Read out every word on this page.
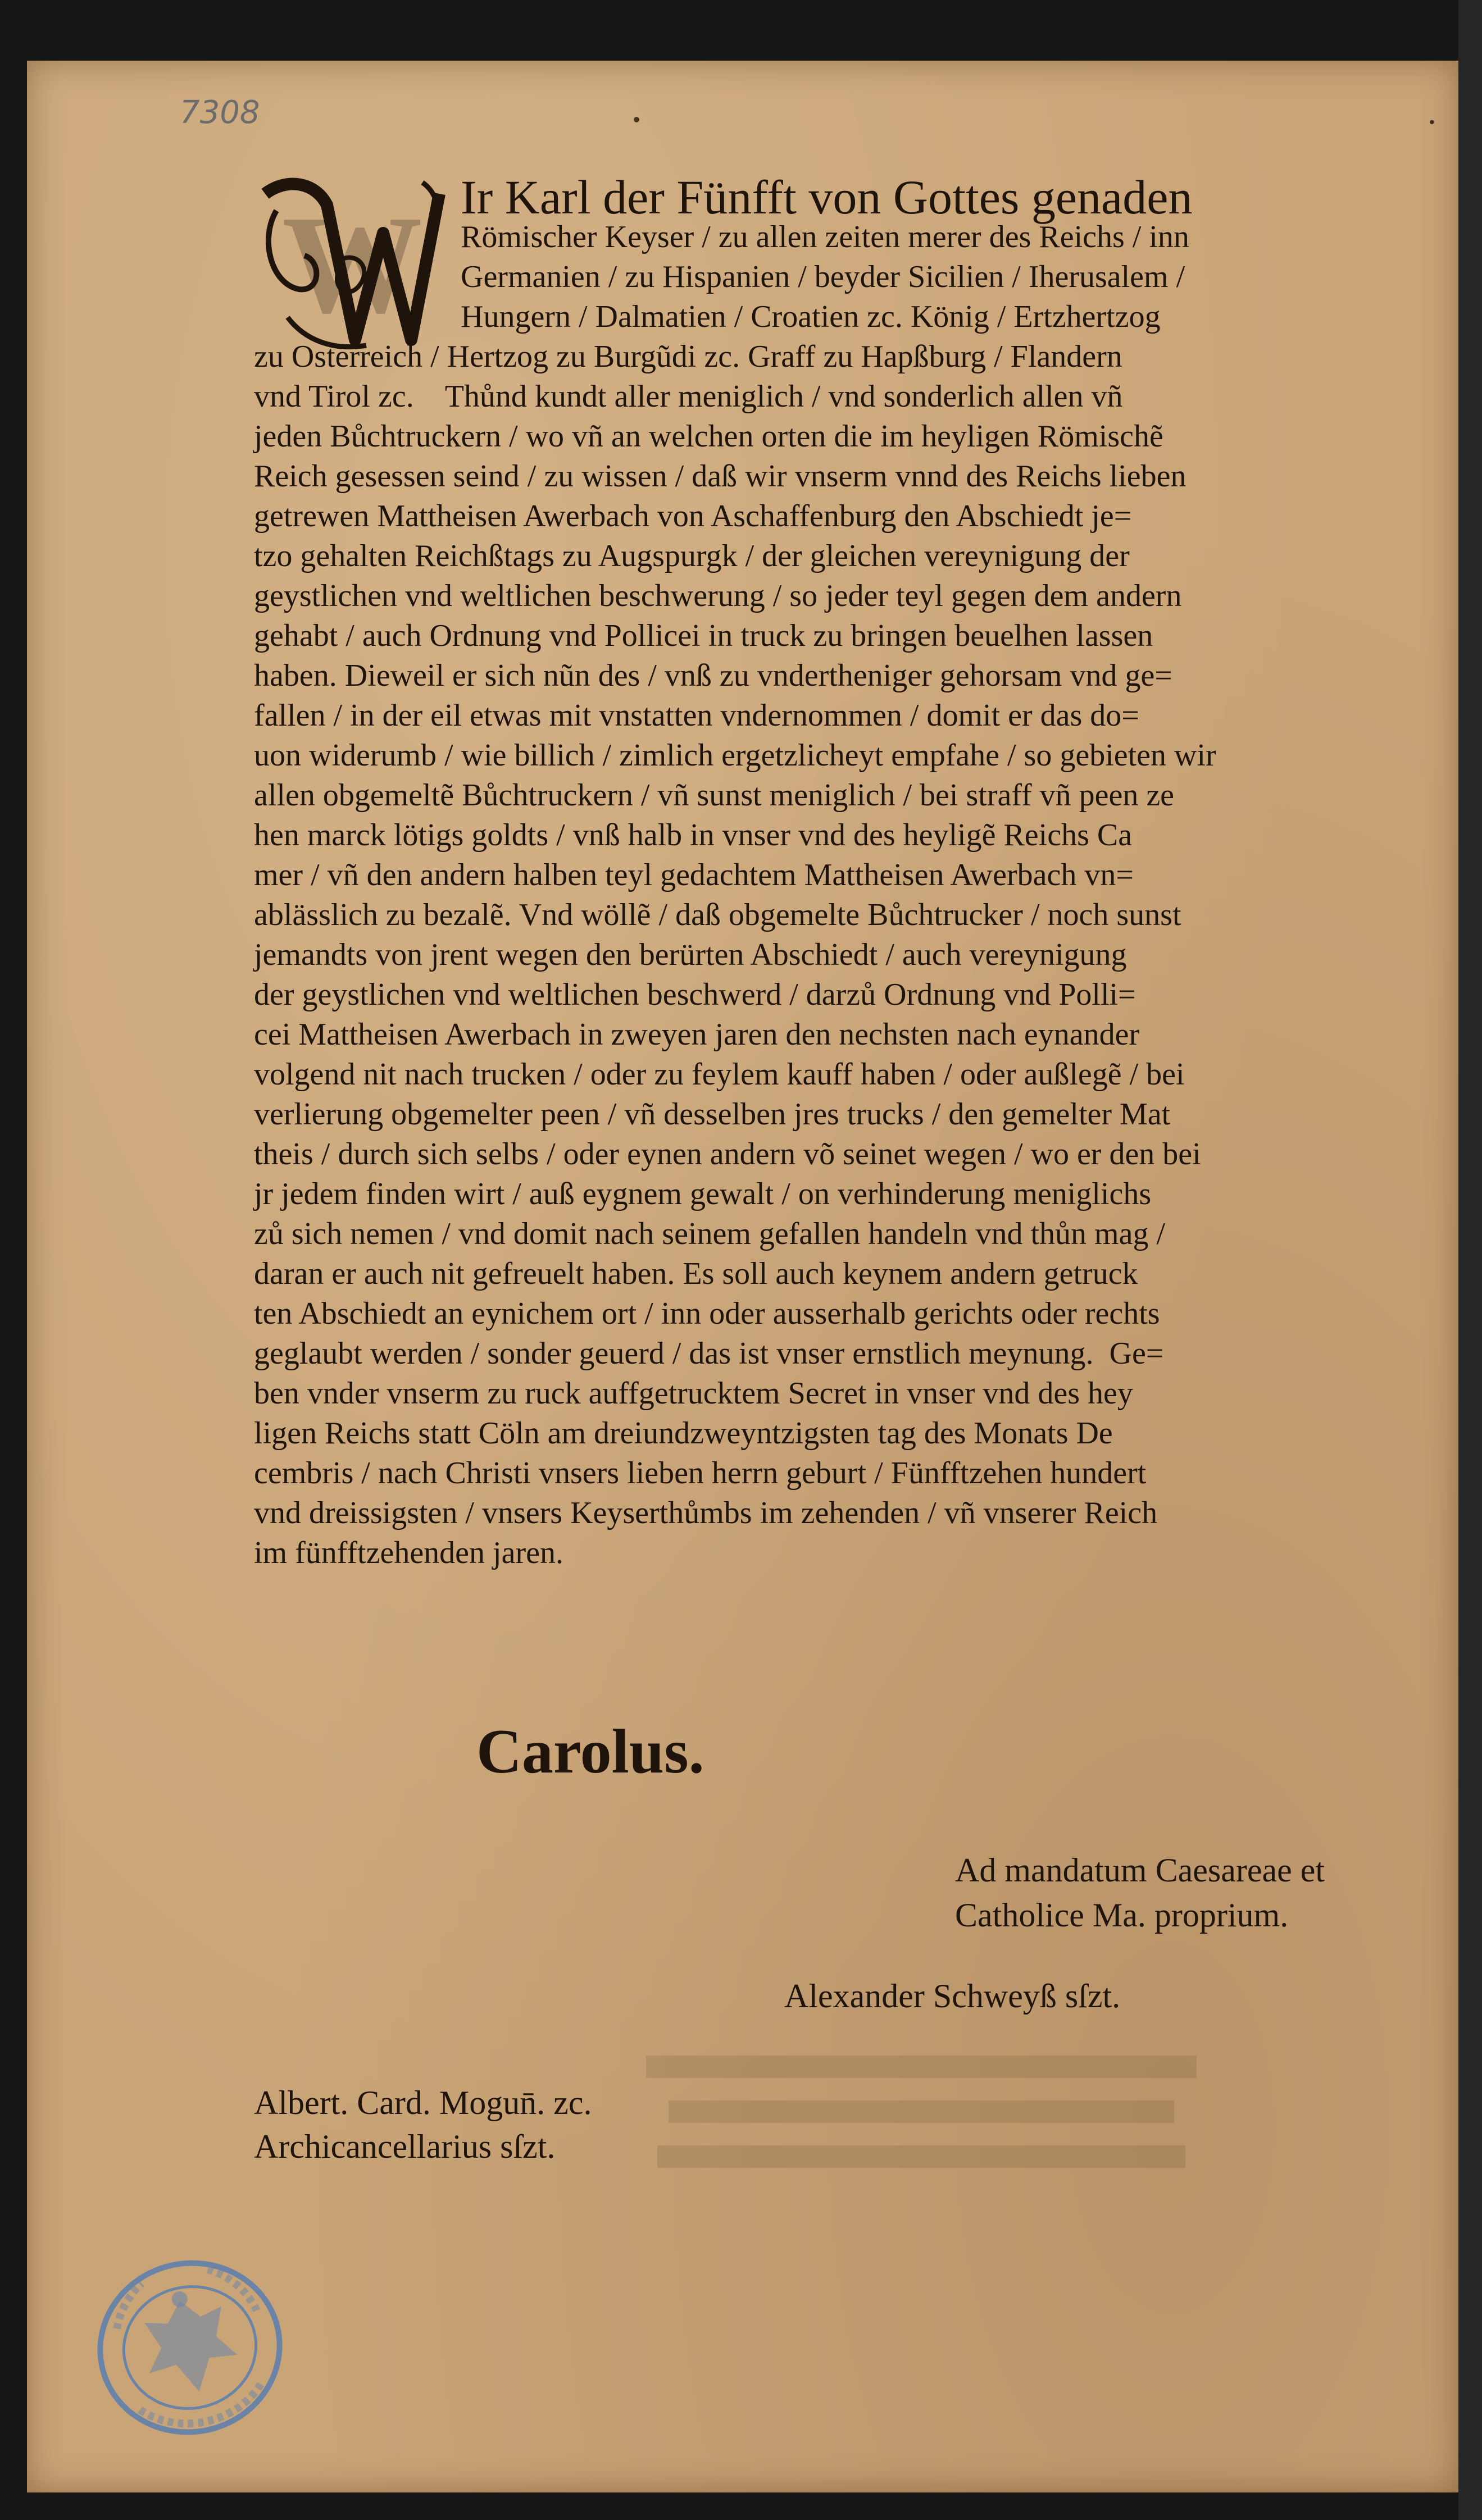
7308	·
W Ir Karl der Fünfft von Gottes genaden
Römischer Keyser / zu allen zeiten merer des Reichs / inn
Germanien / zu Hispanien / beyder Sicilien / Iherusalem /
Hungern / Dalmatien / Croatien zc. König / Ertzhertzog
zu Osterreich / Hertzog zu Burgũdi zc. Graff zu Hapßburg / Flandern
vnd Tirol zc.    Thůnd kundt aller meniglich / vnd sonderlich allen vñ
jeden Bůchtruckern / wo vñ an welchen orten die im heyligen Römischẽ
Reich gesessen seind / zu wissen / daß wir vnserm vnnd des Reichs lieben
getrewen Mattheisen Awerbach von Aschaffenburg den Abschiedt je=
tzo gehalten Reichßtags zu Augspurgk / der gleichen vereynigung der
geystlichen vnd weltlichen beschwerung / so jeder teyl gegen dem andern
gehabt / auch Ordnung vnd Pollicei in truck zu bringen beuelhen lassen
haben. Dieweil er sich nũn des / vnß zu vndertheniger gehorsam vnd ge=
fallen / in der eil etwas mit vnstatten vndernommen / domit er das do=
uon widerumb / wie billich / zimlich ergetzlicheyt empfahe / so gebieten wir
allen obgemeltẽ Bůchtruckern / vñ sunst meniglich / bei straff vñ peen ze
hen marck lötigs goldts / vnß halb in vnser vnd des heyligẽ Reichs Ca
mer / vñ den andern halben teyl gedachtem Mattheisen Awerbach vn=
ablässlich zu bezalẽ. Vnd wöllẽ / daß obgemelte Bůchtrucker / noch sunst
jemandts von jrent wegen den berürten Abschiedt / auch vereynigung
der geystlichen vnd weltlichen beschwerd / darzů Ordnung vnd Polli=
cei Mattheisen Awerbach in zweyen jaren den nechsten nach eynander
volgend nit nach trucken / oder zu feylem kauff haben / oder außlegẽ / bei
verlierung obgemelter peen / vñ desselben jres trucks / den gemelter Mat
theis / durch sich selbs / oder eynen andern võ seinet wegen / wo er den bei
jr jedem finden wirt / auß eygnem gewalt / on verhinderung meniglichs
zů sich nemen / vnd domit nach seinem gefallen handeln vnd thůn mag /
daran er auch nit gefreuelt haben. Es soll auch keynem andern getruck
ten Abschiedt an eynichem ort / inn oder ausserhalb gerichts oder rechts
geglaubt werden / sonder geuerd / das ist vnser ernstlich meynung.  Ge=
ben vnder vnserm zu ruck auffgetrucktem Secret in vnser vnd des hey
ligen Reichs statt Cöln am dreiundzweyntzigsten tag des Monats De
cembris / nach Christi vnsers lieben herrn geburt / Fünfftzehen hundert
vnd dreissigsten / vnsers Keyserthůmbs im zehenden / vñ vnserer Reich
im fünfftzehenden jaren.
Carolus.
Ad mandatum Caesareae et
Catholice Ma. proprium.
Alexander Schweyß sſzt.
Albert. Card. Mogun̄. zc.
Archicancellarius sſzt.
